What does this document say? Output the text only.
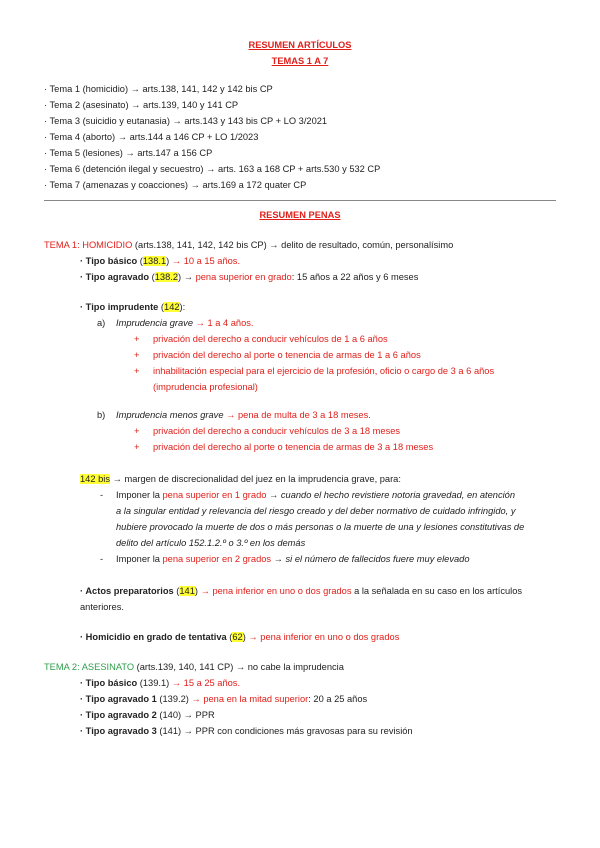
RESUMEN ARTÍCULOS
TEMAS 1 A 7
· Tema 1 (homicidio) → arts.138, 141, 142 y 142 bis CP
· Tema 2 (asesinato) → arts.139, 140 y 141 CP
· Tema 3 (suicidio y eutanasia) → arts.143 y 143 bis CP + LO 3/2021
· Tema 4 (aborto) → arts.144 a 146 CP + LO 1/2023
· Tema 5 (lesiones) → arts.147 a 156 CP
· Tema 6 (detención ilegal y secuestro) → arts. 163 a 168 CP + arts.530 y 532 CP
· Tema 7 (amenazas y coacciones) → arts.169 a 172 quater CP
RESUMEN PENAS
TEMA 1: HOMICIDIO (arts.138, 141, 142, 142 bis CP) → delito de resultado, común, personalísimo
· Tipo básico (138.1) → 10 a 15 años.
· Tipo agravado (138.2) → pena superior en grado: 15 años a 22 años y 6 meses
· Tipo imprudente (142):
a) Imprudencia grave → 1 a 4 años.
+ privación del derecho a conducir vehículos de 1 a 6 años
+ privación del derecho al porte o tenencia de armas de 1 a 6 años
+ inhabilitación especial para el ejercicio de la profesión, oficio o cargo de 3 a 6 años
(imprudencia profesional)
b) Imprudencia menos grave → pena de multa de 3 a 18 meses.
+ privación del derecho a conducir vehículos de 3 a 18 meses
+ privación del derecho al porte o tenencia de armas de 3 a 18 meses
142 bis → margen de discrecionalidad del juez en la imprudencia grave, para:
- Imponer la pena superior en 1 grado → cuando el hecho revistiere notoria gravedad, en atención
a la singular entidad y relevancia del riesgo creado y del deber normativo de cuidado infringido, y
hubiere provocado la muerte de dos o más personas o la muerte de una y lesiones constitutivas de
delito del artículo 152.1.2.º o 3.º en los demás
- Imponer la pena superior en 2 grados → si el número de fallecidos fuere muy elevado
· Actos preparatorios (141) → pena inferior en uno o dos grados a la señalada en su caso en los artículos
anteriores.
· Homicidio en grado de tentativa (62) → pena inferior en uno o dos grados
TEMA 2: ASESINATO (arts.139, 140, 141 CP) → no cabe la imprudencia
· Tipo básico (139.1) → 15 a 25 años.
· Tipo agravado 1 (139.2) → pena en la mitad superior: 20 a 25 años
· Tipo agravado 2 (140) → PPR
· Tipo agravado 3 (141) → PPR con condiciones más gravosas para su revisión
